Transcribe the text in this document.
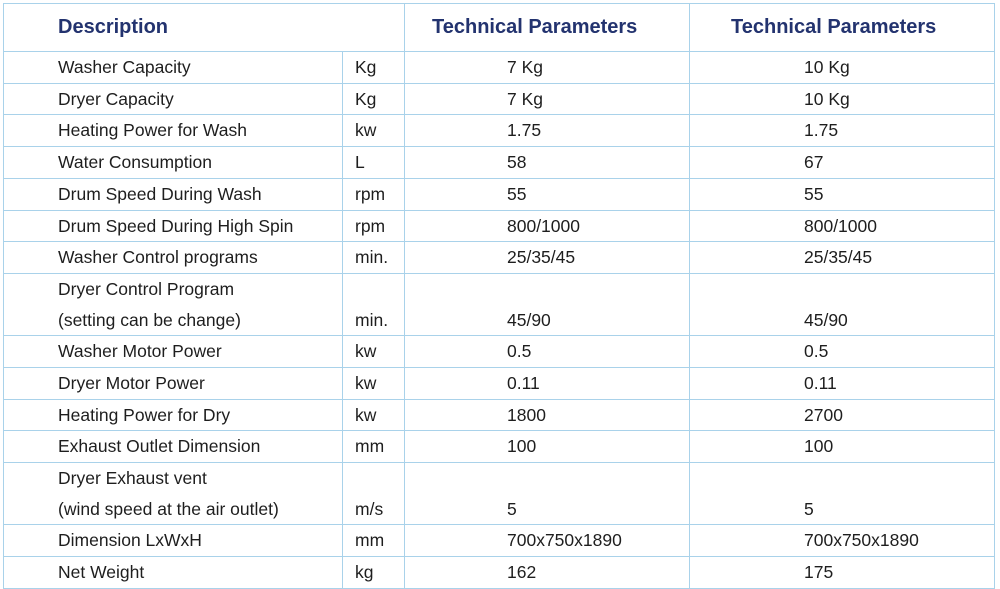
Description		Technical Parameters	Technical Parameters

Washer Capacity	Kg	7 Kg	10 Kg

Dryer Capacity	Kg	7 Kg	10 Kg

Heating Power for Wash	kw	1.75	1.75

Water Consumption	L	58	67

Drum Speed During Wash	rpm	55	55

Drum Speed During High Spin	rpm	800/1000	800/1000

Washer Control programs	min.	25/35/45	25/35/45

Dryer Control Program
(setting can be change)	min.	45/90	45/90

Washer Motor Power	kw	0.5	0.5

Dryer Motor Power	kw	0.11	0.11

Heating Power for Dry	kw	1800	2700

Exhaust Outlet Dimension	mm	100	100

Dryer Exhaust vent
(wind speed at the air outlet)	m/s	5	5

Dimension LxWxH	mm	700x750x1890	700x750x1890

Net Weight	kg	162	175
